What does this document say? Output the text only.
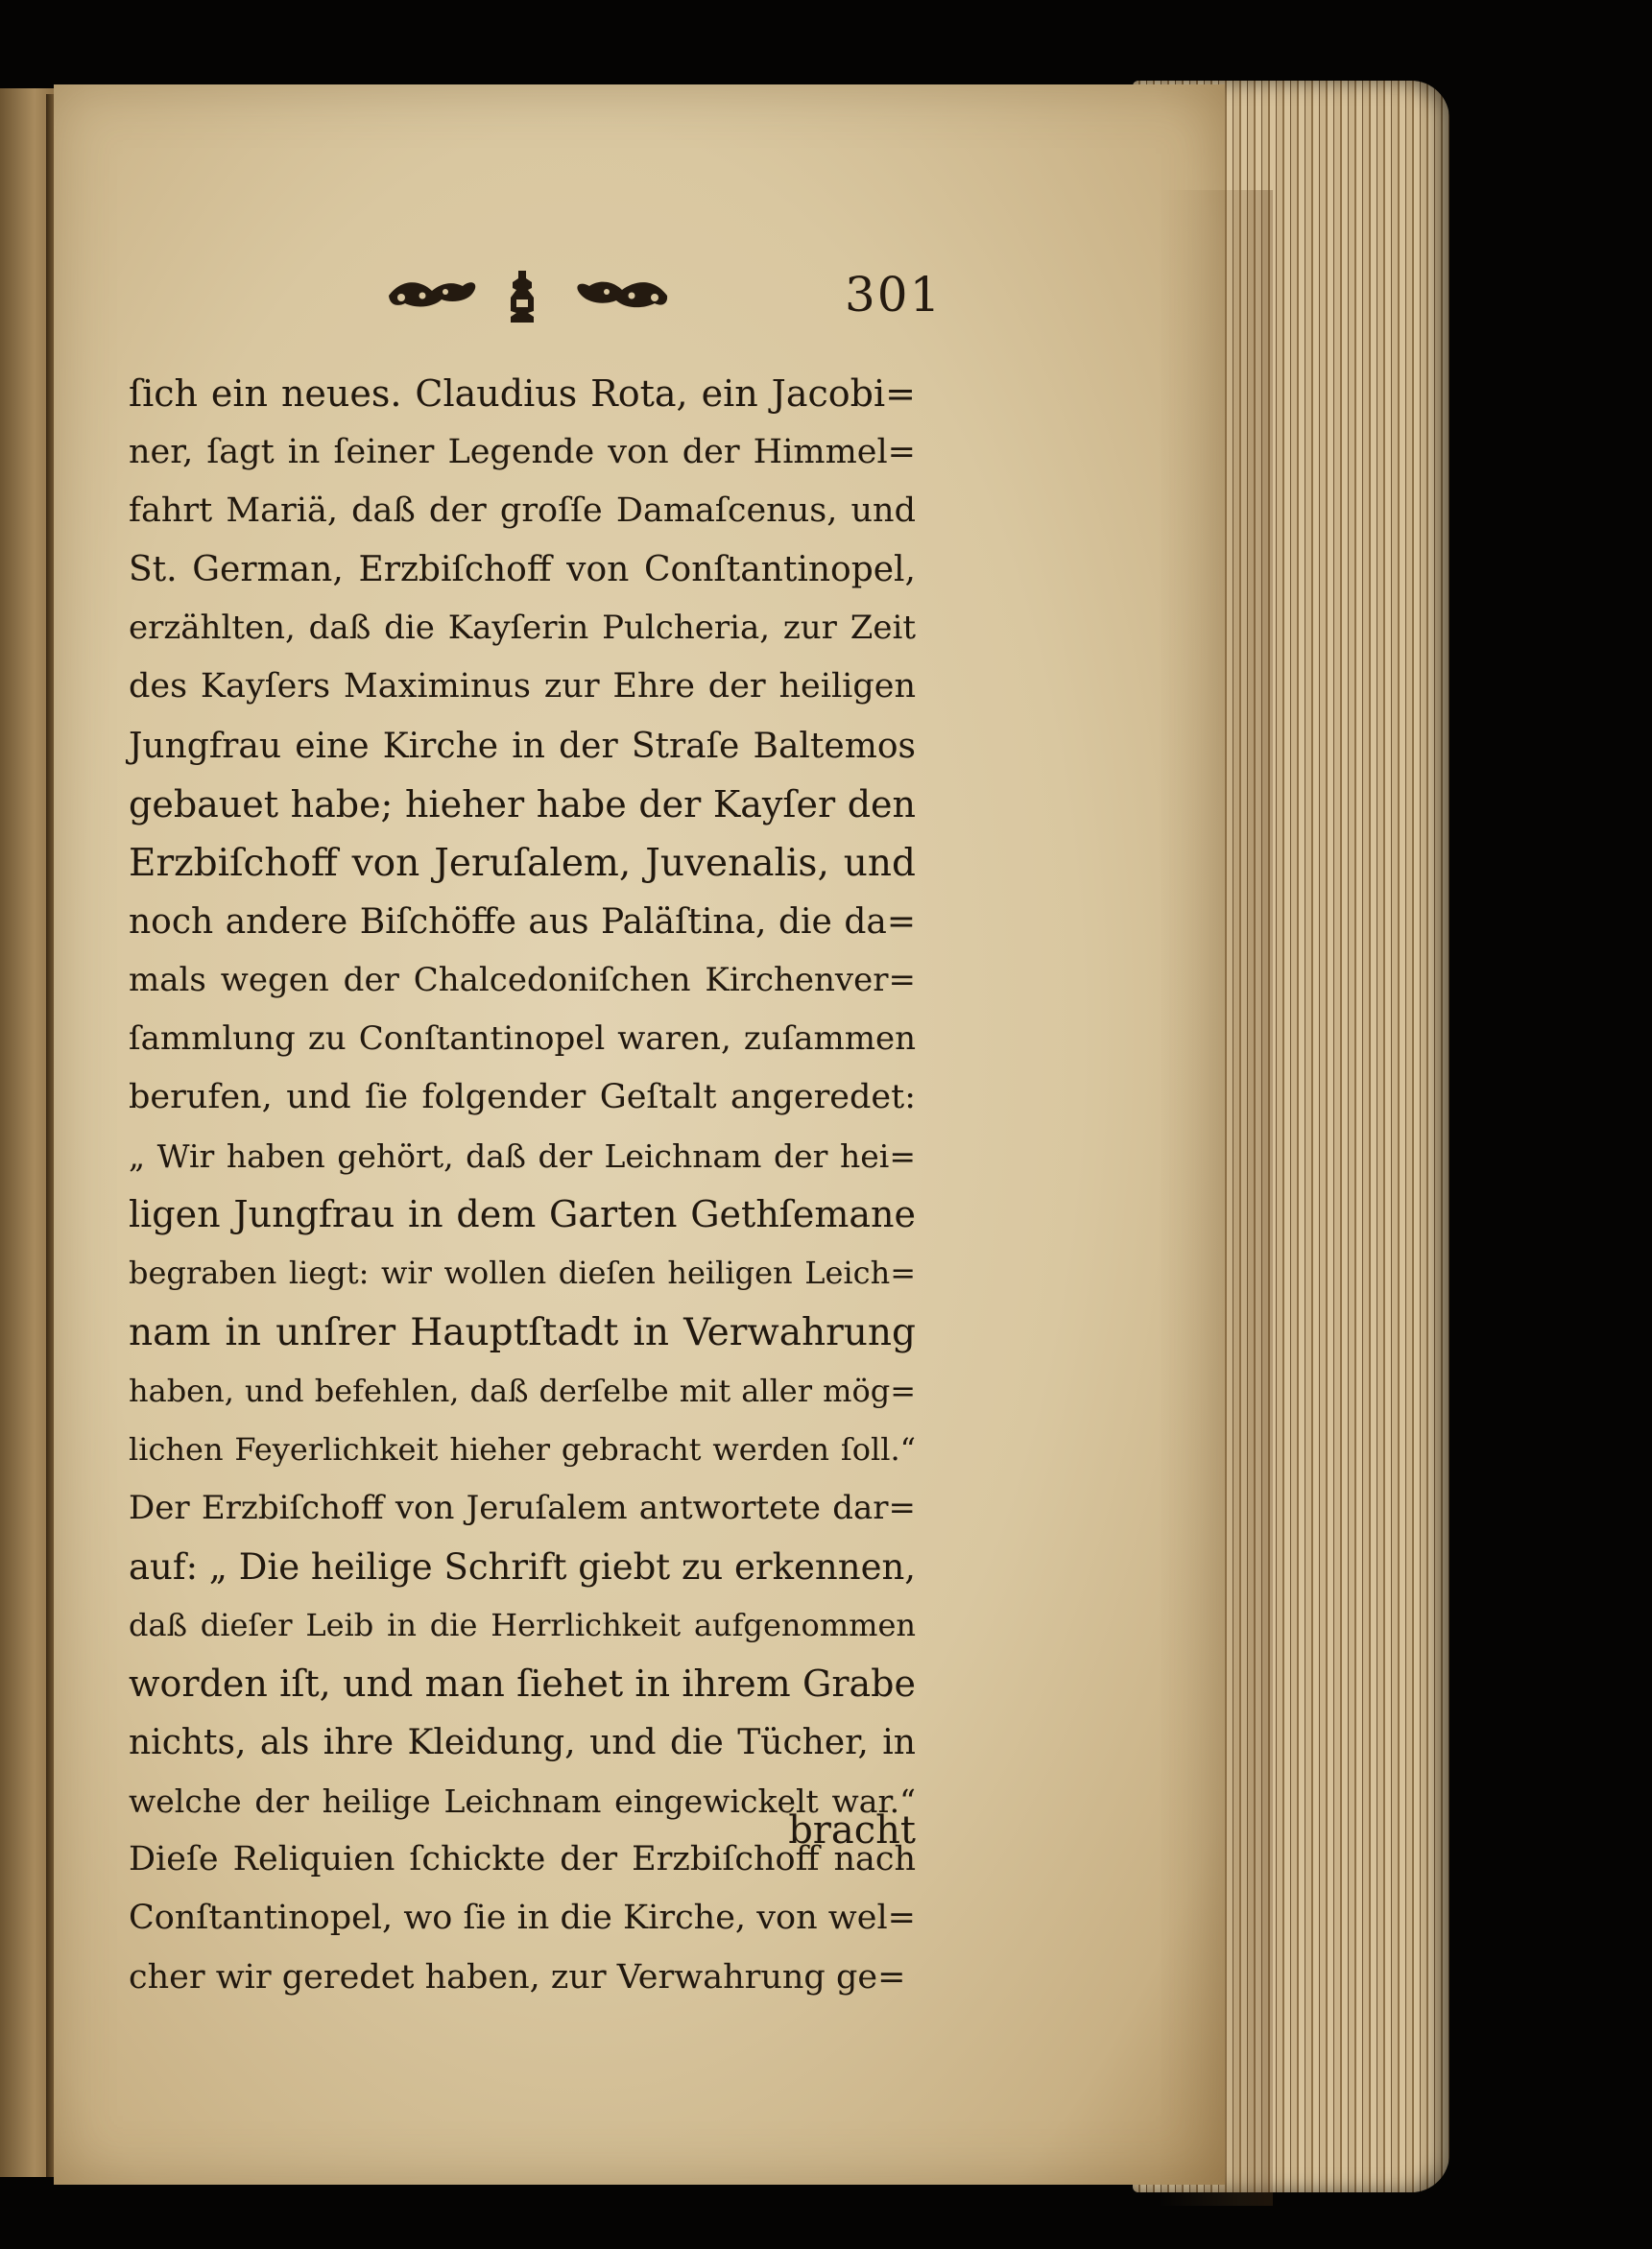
301
ſich ein neues. Claudius Rota, ein Jacobi=
ner, ſagt in ſeiner Legende von der Himmel=
fahrt Mariä, daß der groſſe Damaſcenus, und
St. German, Erzbiſchoff von Conſtantinopel,
erzählten, daß die Kayſerin Pulcheria, zur Zeit
des Kayſers Maximinus zur Ehre der heiligen
Jungfrau eine Kirche in der Straſe Baltemos
gebauet habe; hieher habe der Kayſer den
Erzbiſchoff von Jeruſalem, Juvenalis, und
noch andere Biſchöffe aus Paläſtina, die da=
mals wegen der Chalcedoniſchen Kirchenver=
ſammlung zu Conſtantinopel waren, zuſammen
berufen, und ſie folgender Geſtalt angeredet:
„ Wir haben gehört, daß der Leichnam der hei=
ligen Jungfrau in dem Garten Gethſemane
begraben liegt: wir wollen dieſen heiligen Leich=
nam in unſrer Hauptſtadt in Verwahrung
haben, und befehlen, daß derſelbe mit aller mög=
lichen Feyerlichkeit hieher gebracht werden ſoll.“
Der Erzbiſchoff von Jeruſalem antwortete dar=
auf: „ Die heilige Schrift giebt zu erkennen,
daß dieſer Leib in die Herrlichkeit aufgenommen
worden iſt, und man ſiehet in ihrem Grabe
nichts, als ihre Kleidung, und die Tücher, in
welche der heilige Leichnam eingewickelt war.“
Dieſe Reliquien ſchickte der Erzbiſchoff nach
Conſtantinopel, wo ſie in die Kirche, von wel=
cher wir geredet haben, zur Verwahrung ge=
bracht
